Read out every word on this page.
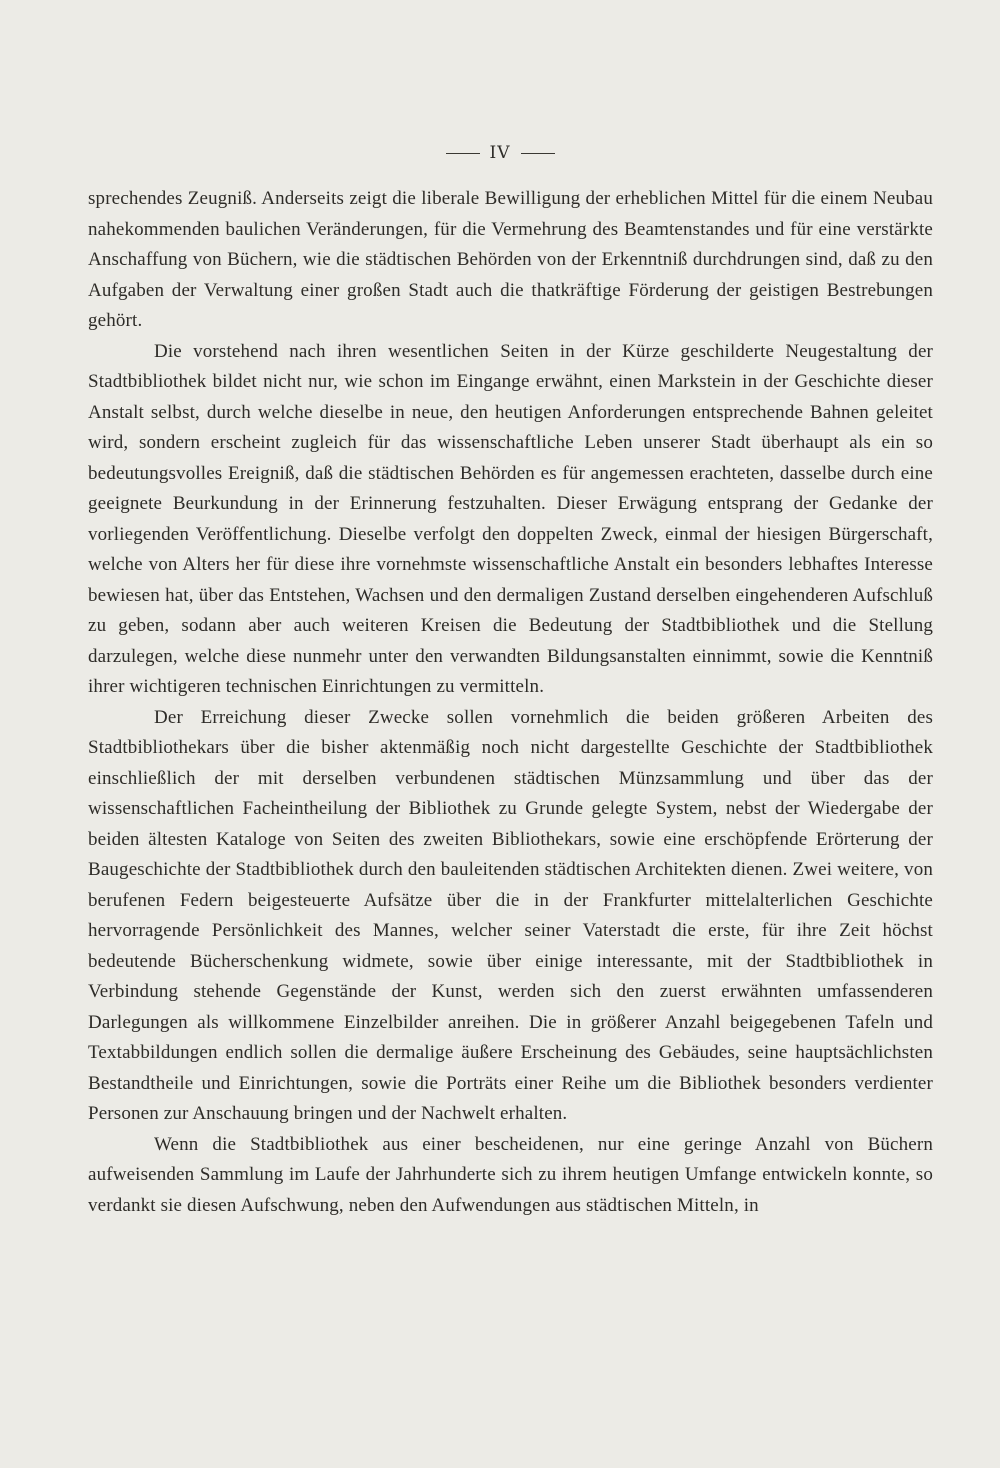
IV

sprechendes Zeugniß. Anderseits zeigt die liberale Bewilligung der erheblichen Mittel für die einem Neubau nahekommenden baulichen Veränderungen, für die Vermehrung des Beamtenstandes und für eine verstärkte Anschaffung von Büchern, wie die städtischen Behörden von der Erkenntniß durchdrungen sind, daß zu den Aufgaben der Verwaltung einer großen Stadt auch die thatkräftige Förderung der geistigen Bestrebungen gehört.

Die vorstehend nach ihren wesentlichen Seiten in der Kürze geschilderte Neugestaltung der Stadtbibliothek bildet nicht nur, wie schon im Eingange erwähnt, einen Markstein in der Geschichte dieser Anstalt selbst, durch welche dieselbe in neue, den heutigen Anforderungen entsprechende Bahnen geleitet wird, sondern erscheint zugleich für das wissenschaftliche Leben unserer Stadt überhaupt als ein so bedeutungsvolles Ereigniß, daß die städtischen Behörden es für angemessen erachteten, dasselbe durch eine geeignete Beurkundung in der Erinnerung festzuhalten. Dieser Erwägung entsprang der Gedanke der vorliegenden Veröffentlichung. Dieselbe verfolgt den doppelten Zweck, einmal der hiesigen Bürgerschaft, welche von Alters her für diese ihre vornehmste wissenschaftliche Anstalt ein besonders lebhaftes Interesse bewiesen hat, über das Entstehen, Wachsen und den dermaligen Zustand derselben eingehenderen Aufschluß zu geben, sodann aber auch weiteren Kreisen die Bedeutung der Stadtbibliothek und die Stellung darzulegen, welche diese nunmehr unter den verwandten Bildungsanstalten einnimmt, sowie die Kenntniß ihrer wichtigeren technischen Einrichtungen zu vermitteln.

Der Erreichung dieser Zwecke sollen vornehmlich die beiden größeren Arbeiten des Stadtbibliothekars über die bisher aktenmäßig noch nicht dargestellte Geschichte der Stadtbibliothek einschließlich der mit derselben verbundenen städtischen Münzsammlung und über das der wissenschaftlichen Facheintheilung der Bibliothek zu Grunde gelegte System, nebst der Wiedergabe der beiden ältesten Kataloge von Seiten des zweiten Bibliothekars, sowie eine erschöpfende Erörterung der Baugeschichte der Stadtbibliothek durch den bauleitenden städtischen Architekten dienen. Zwei weitere, von berufenen Federn beigesteuerte Aufsätze über die in der Frankfurter mittelalterlichen Geschichte hervorragende Persönlichkeit des Mannes, welcher seiner Vaterstadt die erste, für ihre Zeit höchst bedeutende Bücherschenkung widmete, sowie über einige interessante, mit der Stadtbibliothek in Verbindung stehende Gegenstände der Kunst, werden sich den zuerst erwähnten umfassenderen Darlegungen als willkommene Einzelbilder anreihen. Die in größerer Anzahl beigegebenen Tafeln und Textabbildungen endlich sollen die dermalige äußere Erscheinung des Gebäudes, seine hauptsächlichsten Bestandtheile und Einrichtungen, sowie die Porträts einer Reihe um die Bibliothek besonders verdienter Personen zur Anschauung bringen und der Nachwelt erhalten.

Wenn die Stadtbibliothek aus einer bescheidenen, nur eine geringe Anzahl von Büchern aufweisenden Sammlung im Laufe der Jahrhunderte sich zu ihrem heutigen Umfange entwickeln konnte, so verdankt sie diesen Aufschwung, neben den Aufwendungen aus städtischen Mitteln, in
